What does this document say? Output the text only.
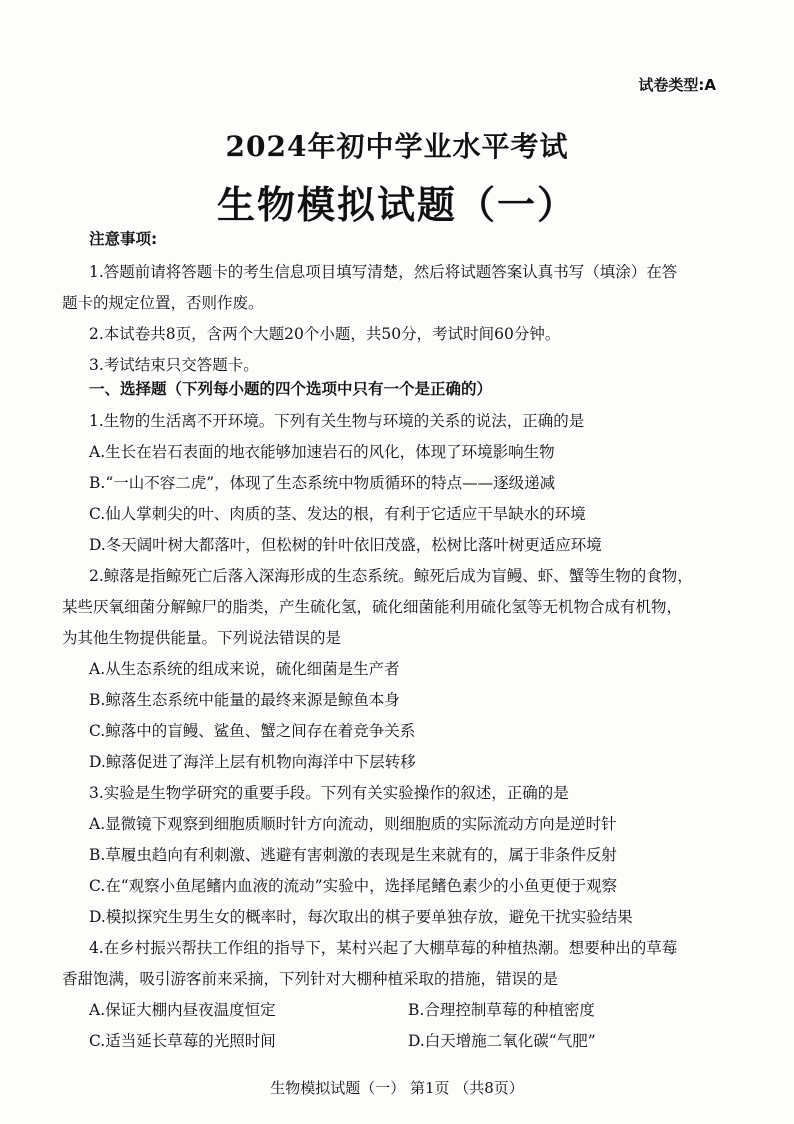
试卷类型:A
2024年初中学业水平考试
生物模拟试题（一）
注意事项:
1.答题前请将答题卡的考生信息项目填写清楚，然后将试题答案认真书写（填涂）在答
题卡的规定位置，否则作废。
2.本试卷共8页，含两个大题20个小题，共50分，考试时间60分钟。
3.考试结束只交答题卡。
一、选择题（下列每小题的四个选项中只有一个是正确的）
1.生物的生活离不开环境。下列有关生物与环境的关系的说法，正确的是
A.生长在岩石表面的地衣能够加速岩石的风化，体现了环境影响生物
B.“一山不容二虎”，体现了生态系统中物质循环的特点——逐级递减
C.仙人掌刺尖的叶、肉质的茎、发达的根，有利于它适应干旱缺水的环境
D.冬天阔叶树大都落叶，但松树的针叶依旧茂盛，松树比落叶树更适应环境
2.鲸落是指鲸死亡后落入深海形成的生态系统。鲸死后成为盲鳗、虾、蟹等生物的食物，
某些厌氧细菌分解鲸尸的脂类，产生硫化氢，硫化细菌能利用硫化氢等无机物合成有机物，
为其他生物提供能量。下列说法错误的是
A.从生态系统的组成来说，硫化细菌是生产者
B.鲸落生态系统中能量的最终来源是鲸鱼本身
C.鲸落中的盲鳗、鲨鱼、蟹之间存在着竞争关系
D.鲸落促进了海洋上层有机物向海洋中下层转移
3.实验是生物学研究的重要手段。下列有关实验操作的叙述，正确的是
A.显微镜下观察到细胞质顺时针方向流动，则细胞质的实际流动方向是逆时针
B.草履虫趋向有利刺激、逃避有害刺激的表现是生来就有的，属于非条件反射
C.在“观察小鱼尾鳍内血液的流动”实验中，选择尾鳍色素少的小鱼更便于观察
D.模拟探究生男生女的概率时，每次取出的棋子要单独存放，避免干扰实验结果
4.在乡村振兴帮扶工作组的指导下，某村兴起了大棚草莓的种植热潮。想要种出的草莓
香甜饱满，吸引游客前来采摘，下列针对大棚种植采取的措施，错误的是
A.保证大棚内昼夜温度恒定	B.合理控制草莓的种植密度
C.适当延长草莓的光照时间	D.白天增施二氧化碳“气肥”
生物模拟试题（一） 第1页 （共8页）
